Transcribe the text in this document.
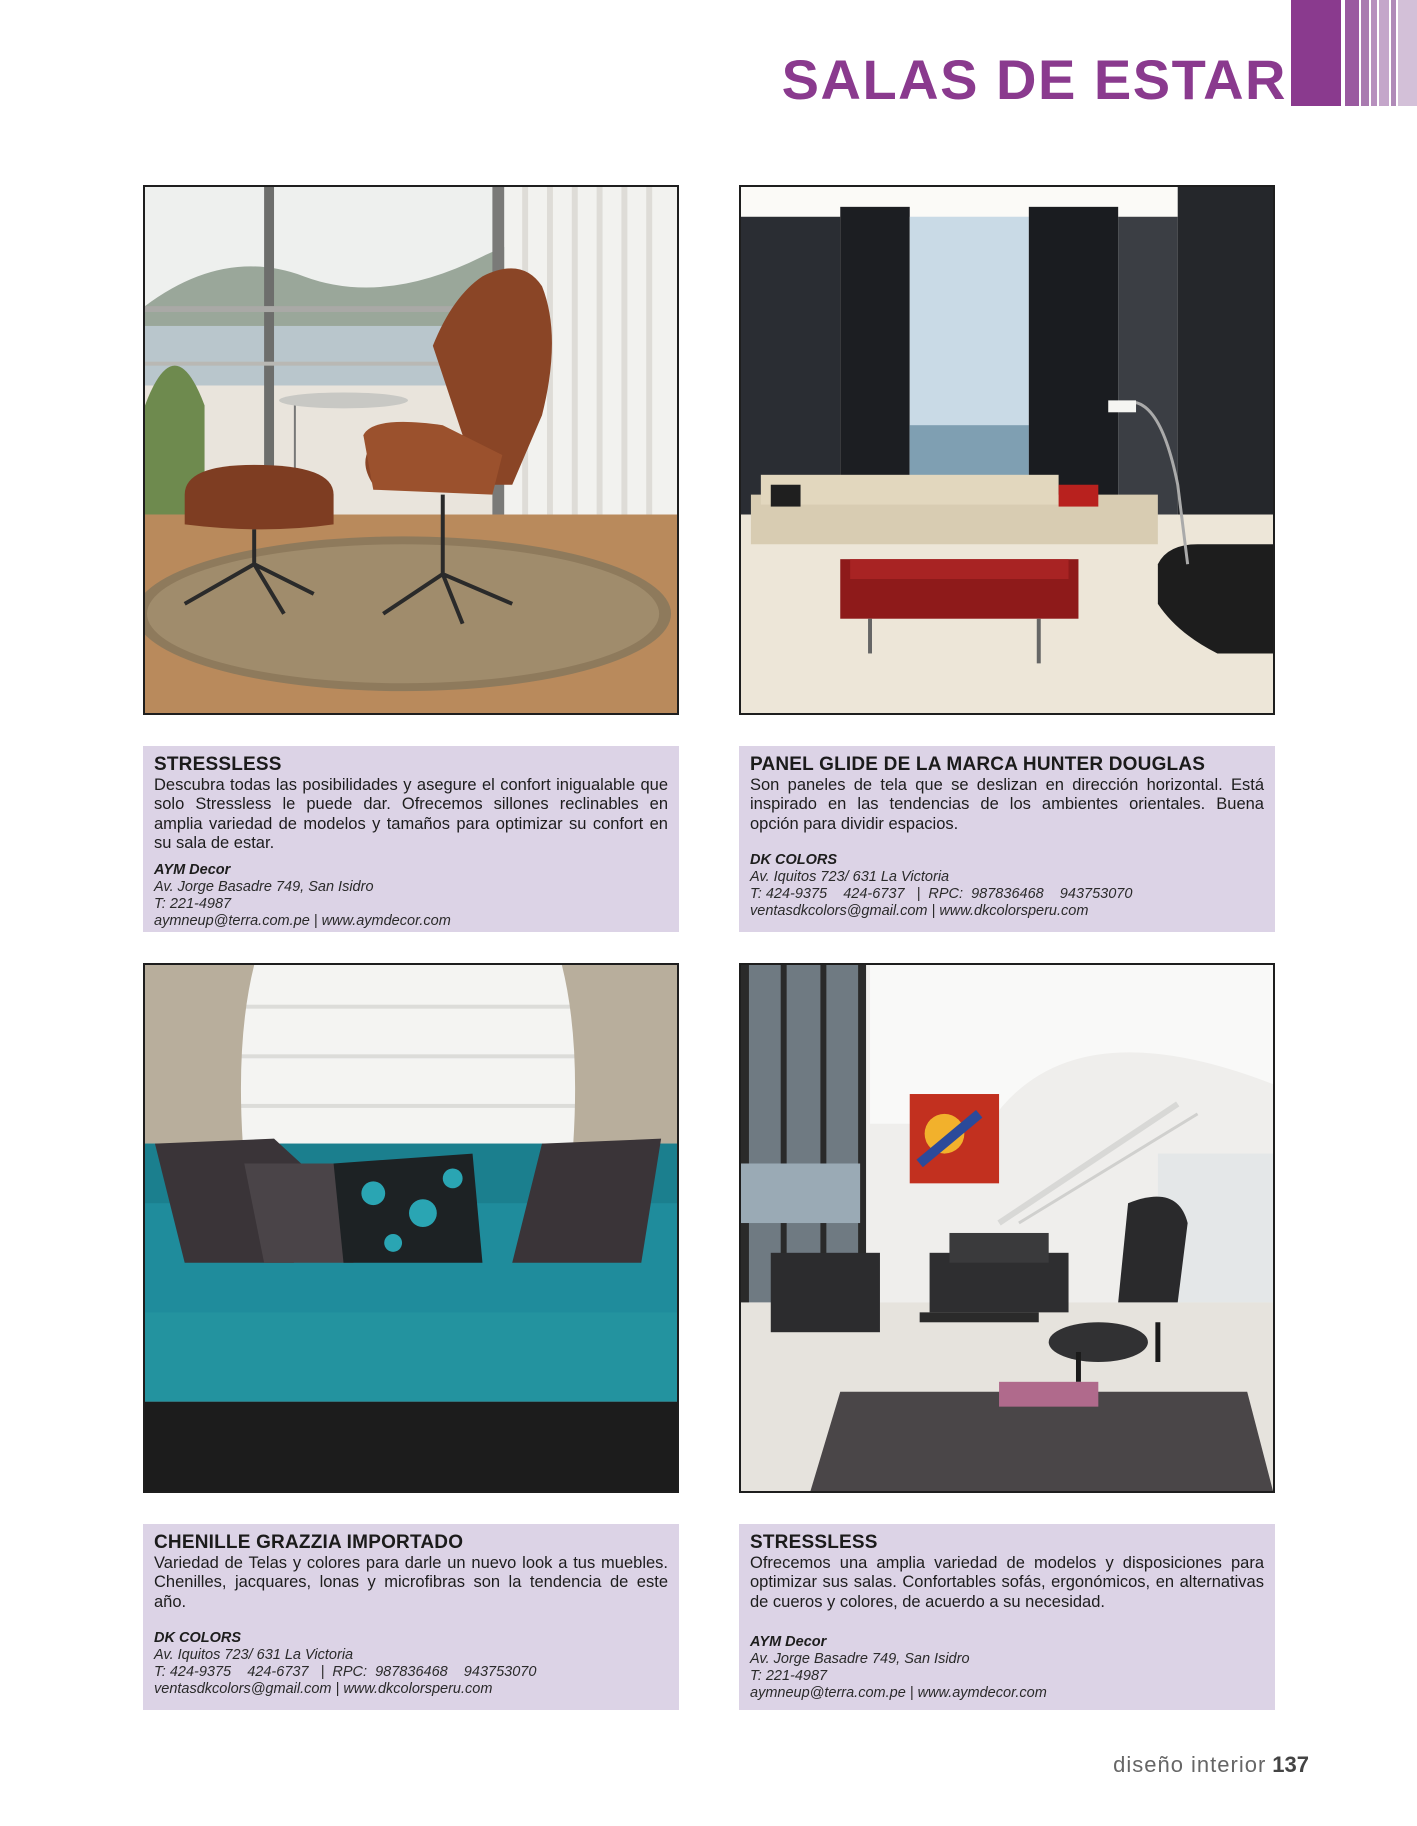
SALAS DE ESTAR
STRESSLESS

Descubra todas las posibilidades y asegure el confort inigualable que solo Stressless le puede dar. Ofrecemos sillones reclinables en amplia variedad de modelos y tamaños para optimizar su confort en su sala de estar.

AYM Decor

Av. Jorge Basadre 749, San Isidro

T: 221-4987

aymneup@terra.com.pe | www.aymdecor.com

PANEL GLIDE DE LA MARCA HUNTER DOUGLAS

Son paneles de tela que se deslizan en dirección horizontal. Está inspirado en las tendencias de los ambientes orientales. Buena opción para dividir espacios.

DK COLORS

Av. Iquitos 723/ 631 La Victoria

T: 424-9375    424-6737   |  RPC:  987836468    943753070

ventasdkcolors@gmail.com | www.dkcolorsperu.com

CHENILLE GRAZZIA IMPORTADO

Variedad de Telas y colores para darle un nuevo look a tus muebles. Chenilles, jacquares, lonas y microfibras son la tendencia de este año.

DK COLORS

Av. Iquitos 723/ 631 La Victoria

T: 424-9375    424-6737   |  RPC:  987836468    943753070

ventasdkcolors@gmail.com | www.dkcolorsperu.com

STRESSLESS

Ofrecemos una amplia variedad de modelos y disposiciones para optimizar sus salas. Confortables sofás, ergonómicos, en alternativas de cueros y colores, de acuerdo a su necesidad.

AYM Decor

Av. Jorge Basadre 749, San Isidro

T: 221-4987

aymneup@terra.com.pe | www.aymdecor.com

diseño interior 137
